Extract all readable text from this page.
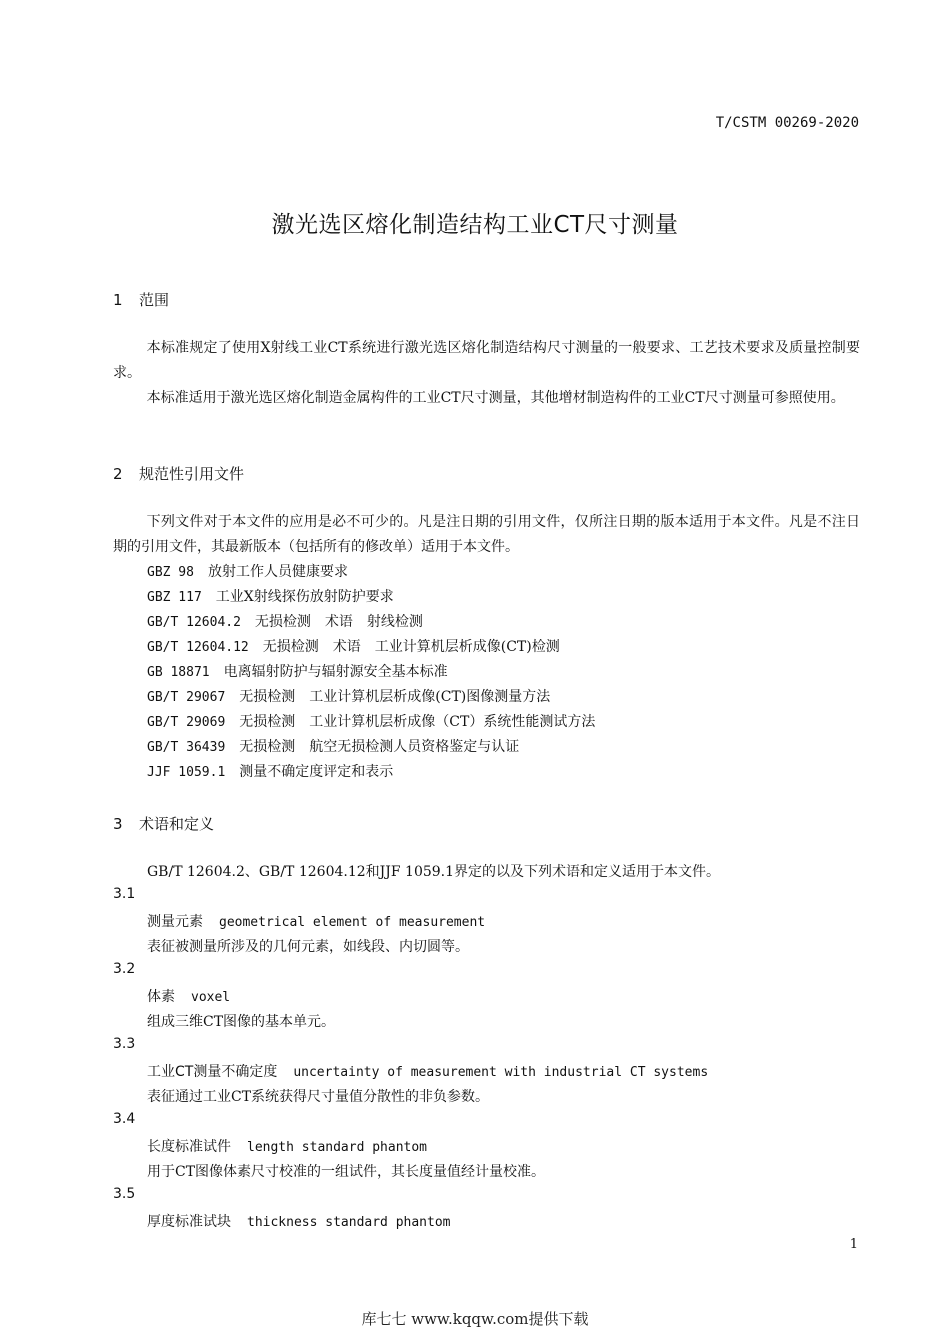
T/CSTM 00269-2020
激光选区熔化制造结构工业CT尺寸测量
1 范围
本标准规定了使用X射线工业CT系统进行激光选区熔化制造结构尺寸测量的一般要求、工艺技术要求及质量控制要求。
本标准适用于激光选区熔化制造金属构件的工业CT尺寸测量，其他增材制造构件的工业CT尺寸测量可参照使用。
2 规范性引用文件
下列文件对于本文件的应用是必不可少的。凡是注日期的引用文件，仅所注日期的版本适用于本文件。凡是不注日期的引用文件，其最新版本（包括所有的修改单）适用于本文件。
GBZ 98 放射工作人员健康要求
GBZ 117 工业X射线探伤放射防护要求
GB/T 12604.2 无损检测　术语　射线检测
GB/T 12604.12 无损检测　术语　工业计算机层析成像(CT)检测
GB 18871 电离辐射防护与辐射源安全基本标准
GB/T 29067 无损检测　工业计算机层析成像(CT)图像测量方法
GB/T 29069 无损检测　工业计算机层析成像（CT）系统性能测试方法
GB/T 36439 无损检测　航空无损检测人员资格鉴定与认证
JJF 1059.1 测量不确定度评定和表示
3 术语和定义
GB/T 12604.2、GB/T 12604.12和JJF 1059.1界定的以及下列术语和定义适用于本文件。
3.1
测量元素 geometrical element of measurement
表征被测量所涉及的几何元素，如线段、内切圆等。
3.2
体素 voxel
组成三维CT图像的基本单元。
3.3
工业CT测量不确定度 uncertainty of measurement with industrial CT systems
表征通过工业CT系统获得尺寸量值分散性的非负参数。
3.4
长度标准试件 length standard phantom
用于CT图像体素尺寸校准的一组试件，其长度量值经计量校准。
3.5
厚度标准试块 thickness standard phantom
1
库七七 www.kqqw.com提供下载
